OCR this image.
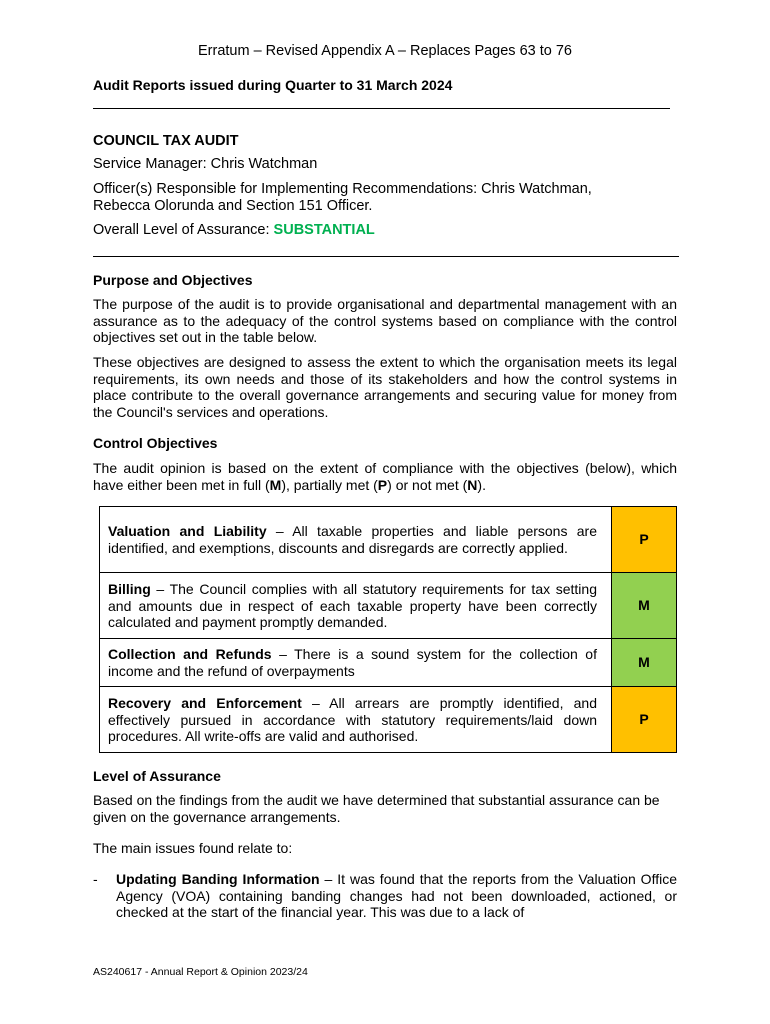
Erratum – Revised Appendix A – Replaces Pages 63 to 76
Audit Reports issued during Quarter to 31 March 2024
COUNCIL TAX AUDIT
Service Manager: Chris Watchman
Officer(s) Responsible for Implementing Recommendations: Chris Watchman,
Rebecca Olorunda and Section 151 Officer.
Overall Level of Assurance: SUBSTANTIAL
Purpose and Objectives
The purpose of the audit is to provide organisational and departmental management with an assurance as to the adequacy of the control systems based on compliance with the control objectives set out in the table below.
These objectives are designed to assess the extent to which the organisation meets its legal requirements, its own needs and those of its stakeholders and how the control systems in place contribute to the overall governance arrangements and securing value for money from the Council's services and operations.
Control Objectives
The audit opinion is based on the extent of compliance with the objectives (below), which have either been met in full (M), partially met (P) or not met (N).
Valuation and Liability – All taxable properties and liable persons are identified, and exemptions, discounts and disregards are correctly applied.	P
Billing – The Council complies with all statutory requirements for tax setting and amounts due in respect of each taxable property have been correctly calculated and payment promptly demanded.	M
Collection and Refunds – There is a sound system for the collection of income and the refund of overpayments	M
Recovery and Enforcement – All arrears are promptly identified, and effectively pursued in accordance with statutory requirements/laid down procedures. All write-offs are valid and authorised.	P
Level of Assurance
Based on the findings from the audit we have determined that substantial assurance can be given on the governance arrangements.
The main issues found relate to:
- Updating Banding Information – It was found that the reports from the Valuation Office Agency (VOA) containing banding changes had not been downloaded, actioned, or checked at the start of the financial year. This was due to a lack of
AS240617 - Annual Report & Opinion 2023/24
